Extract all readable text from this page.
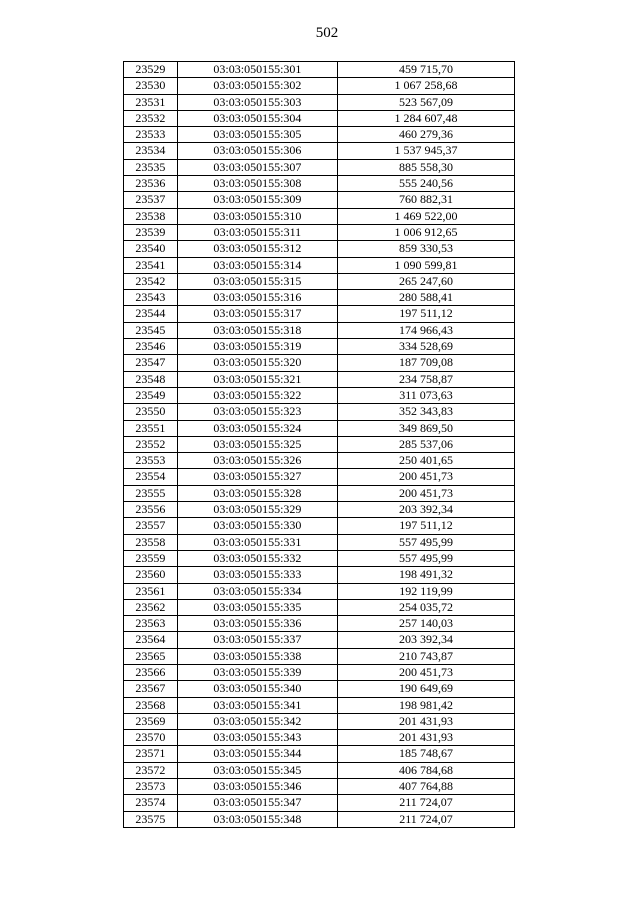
502
23529	03:03:050155:301	459 715,70
23530	03:03:050155:302	1 067 258,68
23531	03:03:050155:303	523 567,09
23532	03:03:050155:304	1 284 607,48
23533	03:03:050155:305	460 279,36
23534	03:03:050155:306	1 537 945,37
23535	03:03:050155:307	885 558,30
23536	03:03:050155:308	555 240,56
23537	03:03:050155:309	760 882,31
23538	03:03:050155:310	1 469 522,00
23539	03:03:050155:311	1 006 912,65
23540	03:03:050155:312	859 330,53
23541	03:03:050155:314	1 090 599,81
23542	03:03:050155:315	265 247,60
23543	03:03:050155:316	280 588,41
23544	03:03:050155:317	197 511,12
23545	03:03:050155:318	174 966,43
23546	03:03:050155:319	334 528,69
23547	03:03:050155:320	187 709,08
23548	03:03:050155:321	234 758,87
23549	03:03:050155:322	311 073,63
23550	03:03:050155:323	352 343,83
23551	03:03:050155:324	349 869,50
23552	03:03:050155:325	285 537,06
23553	03:03:050155:326	250 401,65
23554	03:03:050155:327	200 451,73
23555	03:03:050155:328	200 451,73
23556	03:03:050155:329	203 392,34
23557	03:03:050155:330	197 511,12
23558	03:03:050155:331	557 495,99
23559	03:03:050155:332	557 495,99
23560	03:03:050155:333	198 491,32
23561	03:03:050155:334	192 119,99
23562	03:03:050155:335	254 035,72
23563	03:03:050155:336	257 140,03
23564	03:03:050155:337	203 392,34
23565	03:03:050155:338	210 743,87
23566	03:03:050155:339	200 451,73
23567	03:03:050155:340	190 649,69
23568	03:03:050155:341	198 981,42
23569	03:03:050155:342	201 431,93
23570	03:03:050155:343	201 431,93
23571	03:03:050155:344	185 748,67
23572	03:03:050155:345	406 784,68
23573	03:03:050155:346	407 764,88
23574	03:03:050155:347	211 724,07
23575	03:03:050155:348	211 724,07
